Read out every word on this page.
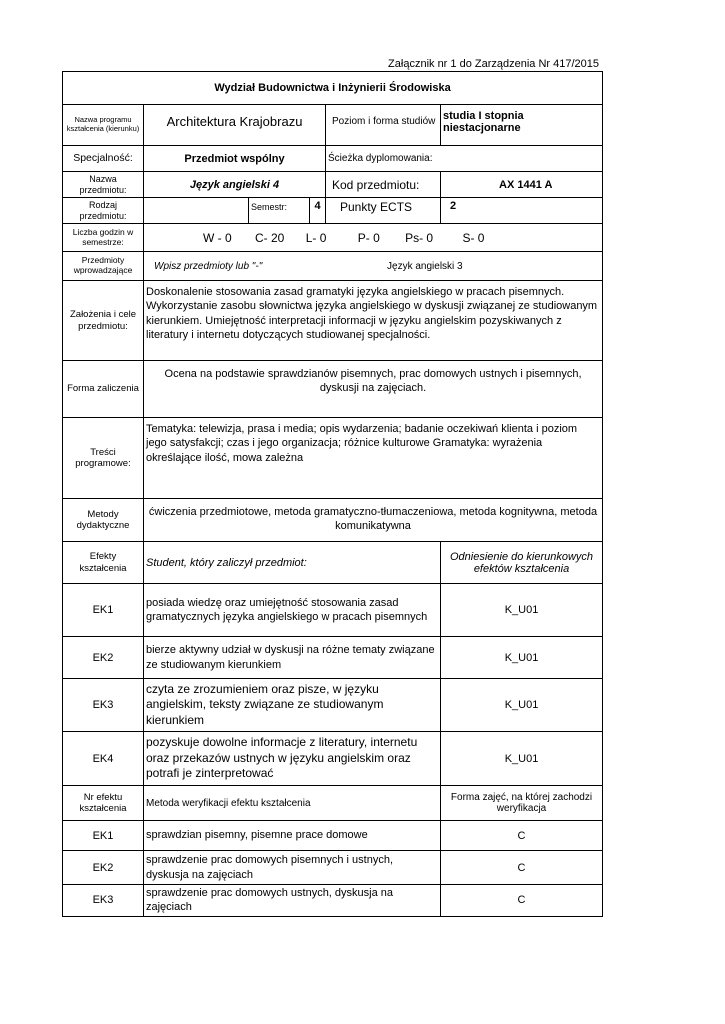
Załącznik nr 1 do Zarządzenia Nr 417/2015
Wydział Budownictwa i Inżynierii Środowiska					
Nazwa programu kształcenia (kierunku)	Architektura Krajobrazu			Poziom i forma studiów	studia I stopnia niestacjonarne
Specjalność:	Przedmiot wspólny			Ścieżka dyplomowania:	
Nazwa przedmiotu:	Język angielski 4			Kod przedmiotu:	AX 1441 A
Rodzaj przedmiotu:		Semestr:	4	Punkty ECTS	2
Liczba godzin w semestrze:	W - 0 C- 20 L- 0 P- 0 Ps- 0 S- 0				
Przedmioty wprowadzające	Wpisz przedmioty lub "-" Język angielski 3				
Założenia i cele przedmiotu:	Doskonalenie stosowania zasad gramatyki języka angielskiego w pracach pisemnych. Wykorzystanie zasobu słownictwa języka angielskiego w dyskusji związanej ze studiowanym kierunkiem. Umiejętność interpretacji informacji w języku angielskim pozyskiwanych z literatury i internetu dotyczących studiowanej specjalności.				
Forma zaliczenia	Ocena na podstawie sprawdzianów pisemnych, prac domowych ustnych i pisemnych, dyskusji na zajęciach.				
Treści programowe:	Tematyka: telewizja, prasa i media; opis wydarzenia; badanie oczekiwań klienta i poziom jego satysfakcji; czas i jego organizacja; różnice kulturowe Gramatyka: wyrażenia określające ilość, mowa zależna				
Metody dydaktyczne	ćwiczenia przedmiotowe, metoda gramatyczno-tłumaczeniowa, metoda kognitywna, metoda komunikatywna				
Efekty kształcenia	Student, który zaliczył przedmiot:				Odniesienie do kierunkowych efektów kształcenia
EK1	posiada wiedzę oraz umiejętność stosowania zasad gramatycznych języka angielskiego w pracach pisemnych				K_U01
EK2	bierze aktywny udział w dyskusji na różne tematy związane ze studiowanym kierunkiem				K_U01
EK3	czyta ze zrozumieniem oraz pisze, w języku angielskim, teksty związane ze studiowanym kierunkiem				K_U01
EK4	pozyskuje dowolne informacje z literatury, internetu oraz przekazów ustnych w języku angielskim oraz potrafi je zinterpretować				K_U01
Nr efektu kształcenia	Metoda weryfikacji efektu kształcenia				Forma zajęć, na której zachodzi weryfikacja
EK1	sprawdzian pisemny, pisemne prace domowe				C
EK2	sprawdzenie prac domowych pisemnych i ustnych, dyskusja na zajęciach				C
EK3	sprawdzenie prac domowych ustnych, dyskusja na zajęciach				C
